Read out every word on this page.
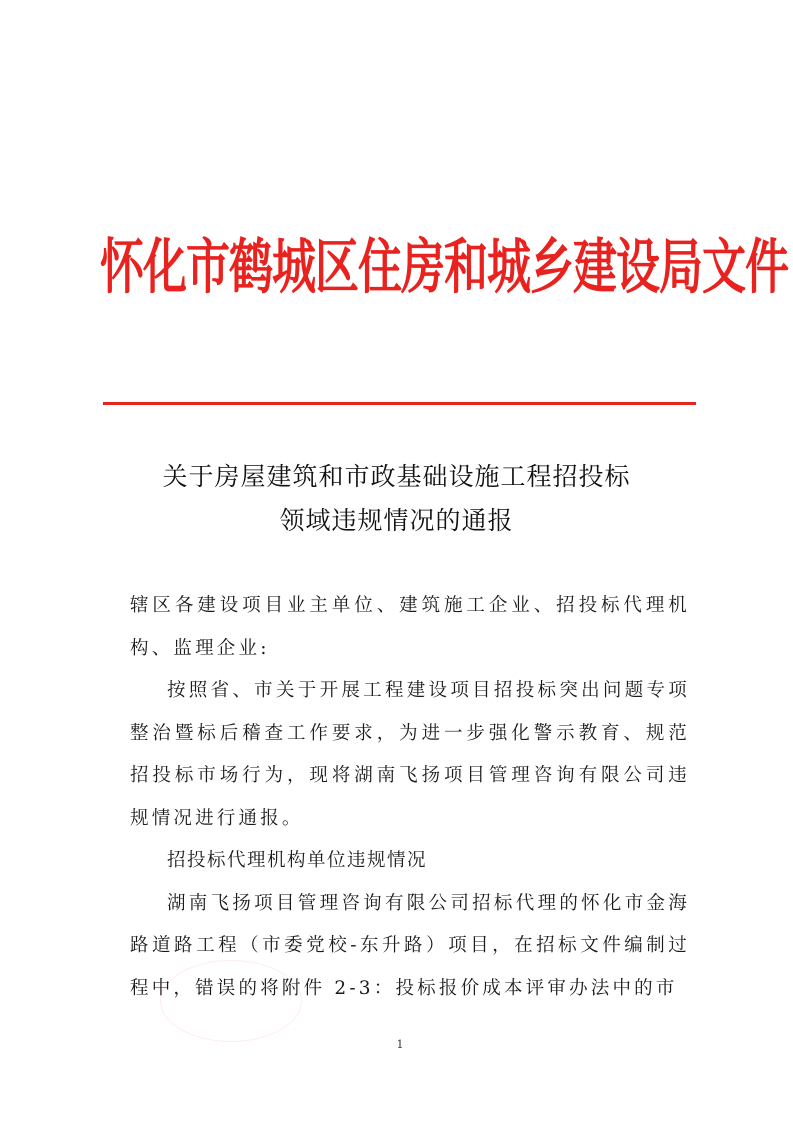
怀化市鹤城区住房和城乡建设局文件
关于房屋建筑和市政基础设施工程招投标
领域违规情况的通报

辖区各建设项目业主单位、建筑施工企业、招投标代理机构、监理企业:

按照省、市关于开展工程建设项目招投标突出问题专项整治暨标后稽查工作要求，为进一步强化警示教育、规范招投标市场行为，现将湖南飞扬项目管理咨询有限公司违规情况进行通报。

招投标代理机构单位违规情况

湖南飞扬项目管理咨询有限公司招标代理的怀化市金海路道路工程（市委党校-东升路）项目，在招标文件编制过程中，错误的将附件 2-3：投标报价成本评审办法中的市

1
